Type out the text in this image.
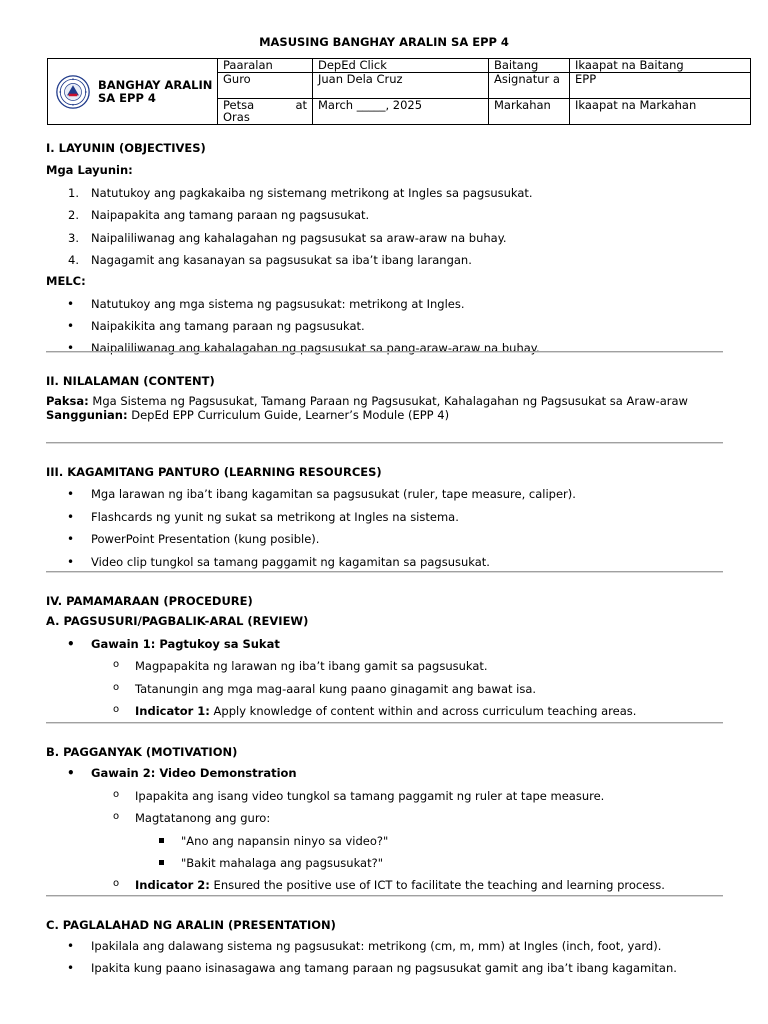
MASUSING BANGHAY ARALIN SA EPP 4
BANGHAY ARALIN SA EPP 4	Paaralan	DepEd Click	Baitang	Ikaapat na Baitang
	Guro	Juan Dela Cruz	Asignatur a	EPP

	Petsa at
Oras	March _____, 2025	Markahan	Ikaapat na Markahan
I. LAYUNIN (OBJECTIVES)
Mga Layunin:
1. Natutukoy ang pagkakaiba ng sistemang metrikong at Ingles sa pagsusukat.
2. Naipapakita ang tamang paraan ng pagsusukat.
3. Naipaliliwanag ang kahalagahan ng pagsusukat sa araw-araw na buhay.
4. Nagagamit ang kasanayan sa pagsusukat sa iba’t ibang larangan.
MELC:
• Natutukoy ang mga sistema ng pagsusukat: metrikong at Ingles.
• Naipakikita ang tamang paraan ng pagsusukat.
• Naipaliliwanag ang kahalagahan ng pagsusukat sa pang-araw-araw na buhay.
II. NILALAMAN (CONTENT)
Paksa: Mga Sistema ng Pagsusukat, Tamang Paraan ng Pagsusukat, Kahalagahan ng Pagsusukat sa Araw-araw
Sanggunian: DepEd EPP Curriculum Guide, Learner’s Module (EPP 4)
III. KAGAMITANG PANTURO (LEARNING RESOURCES)
• Mga larawan ng iba’t ibang kagamitan sa pagsusukat (ruler, tape measure, caliper).
• Flashcards ng yunit ng sukat sa metrikong at Ingles na sistema.
• PowerPoint Presentation (kung posible).
• Video clip tungkol sa tamang paggamit ng kagamitan sa pagsusukat.
IV. PAMAMARAAN (PROCEDURE)
A. PAGSUSURI/PAGBALIK-ARAL (REVIEW)
• Gawain 1: Pagtukoy sa Sukat
o Magpapakita ng larawan ng iba’t ibang gamit sa pagsusukat.
o Tatanungin ang mga mag-aaral kung paano ginagamit ang bawat isa.
o Indicator 1: Apply knowledge of content within and across curriculum teaching areas.
B. PAGGANYAK (MOTIVATION)
• Gawain 2: Video Demonstration
o Ipapakita ang isang video tungkol sa tamang paggamit ng ruler at tape measure.
o Magtatanong ang guro:
"Ano ang napansin ninyo sa video?"
"Bakit mahalaga ang pagsusukat?"
o Indicator 2: Ensured the positive use of ICT to facilitate the teaching and learning process.
C. PAGLALAHAD NG ARALIN (PRESENTATION)
• Ipakilala ang dalawang sistema ng pagsusukat: metrikong (cm, m, mm) at Ingles (inch, foot, yard).
• Ipakita kung paano isinasagawa ang tamang paraan ng pagsusukat gamit ang iba’t ibang kagamitan.
